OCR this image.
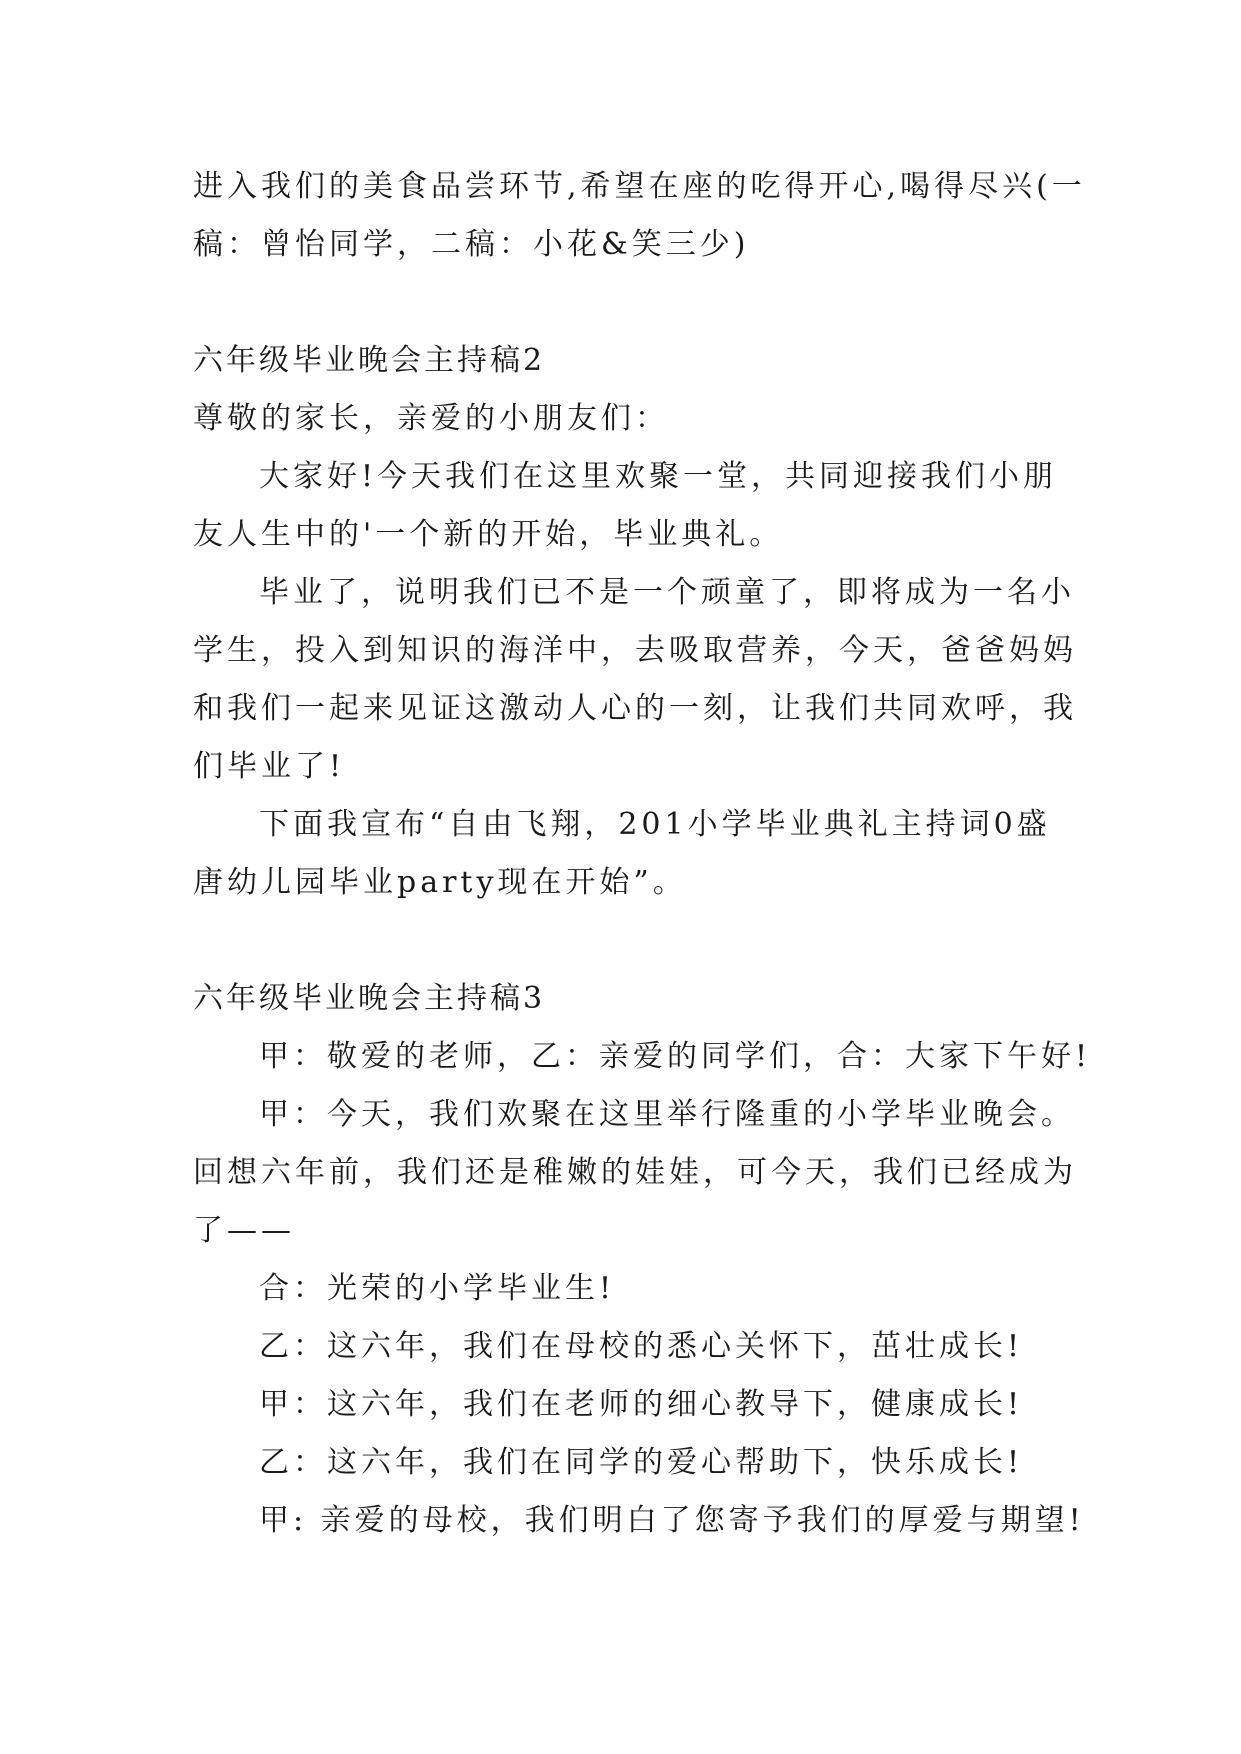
进入我们的美食品尝环节,希望在座的吃得开心,喝得尽兴(一

稿：曾怡同学，二稿：小花&笑三少)

六年级毕业晚会主持稿2

尊敬的家长，亲爱的小朋友们：

大家好!今天我们在这里欢聚一堂，共同迎接我们小朋

友人生中的'一个新的开始，毕业典礼。

毕业了，说明我们已不是一个顽童了，即将成为一名小

学生，投入到知识的海洋中，去吸取营养，今天，爸爸妈妈

和我们一起来见证这激动人心的一刻，让我们共同欢呼，我

们毕业了!

下面我宣布“自由飞翔，201小学毕业典礼主持词0盛

唐幼儿园毕业party现在开始”。

六年级毕业晚会主持稿3

甲：敬爱的老师，乙：亲爱的同学们，合：大家下午好!

甲：今天，我们欢聚在这里举行隆重的小学毕业晚会。

回想六年前，我们还是稚嫩的娃娃，可今天，我们已经成为

了——

合：光荣的小学毕业生!

乙：这六年，我们在母校的悉心关怀下，茁壮成长!

甲：这六年，我们在老师的细心教导下，健康成长!

乙：这六年，我们在同学的爱心帮助下，快乐成长!

甲: 亲爱的母校，我们明白了您寄予我们的厚爱与期望!
